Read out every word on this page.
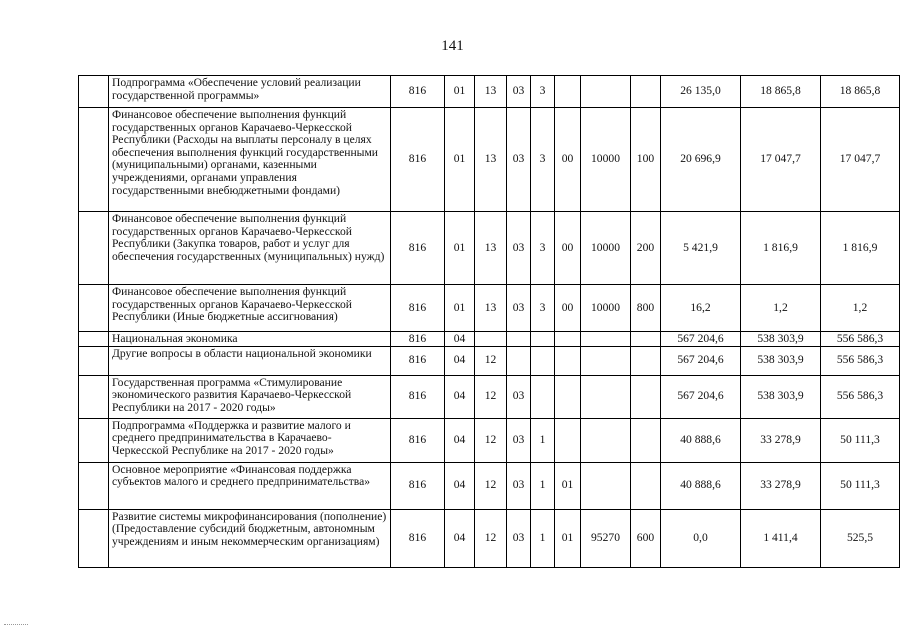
141
	Подпрограмма «Обеспечение условий реализации государственной программы»	816	01	13	03	3				26 135,0	18 865,8	18 865,8
	Финансовое обеспечение выполнения функций государственных органов Карачаево-Черкесской Республики (Расходы на выплаты персоналу в целях обеспечения выполнения функций государственными (муниципальными) органами, казенными учреждениями, органами управления государственными внебюджетными фондами)	816	01	13	03	3	00	10000	100	20 696,9	17 047,7	17 047,7
	Финансовое обеспечение выполнения функций государственных органов Карачаево-Черкесской Республики (Закупка товаров, работ и услуг для обеспечения государственных (муниципальных) нужд)	816	01	13	03	3	00	10000	200	5 421,9	1 816,9	1 816,9
	Финансовое обеспечение выполнения функций государственных органов Карачаево-Черкесской Республики (Иные бюджетные ассигнования)	816	01	13	03	3	00	10000	800	16,2	1,2	1,2
	Национальная экономика	816	04							567 204,6	538 303,9	556 586,3
	Другие вопросы в области национальной экономики	816	04	12						567 204,6	538 303,9	556 586,3
	Государственная программа «Стимулирование экономического развития Карачаево-Черкесской Республики на 2017 - 2020 годы»	816	04	12	03					567 204,6	538 303,9	556 586,3
	Подпрограмма «Поддержка и развитие малого и среднего предпринимательства в Карачаево-Черкесской Республике на 2017 - 2020 годы»	816	04	12	03	1				40 888,6	33 278,9	50 111,3
	Основное мероприятие «Финансовая поддержка субъектов малого и среднего предпринимательства»	816	04	12	03	1	01			40 888,6	33 278,9	50 111,3
	Развитие системы микрофинансирования (пополнение) (Предоставление субсидий бюджетным, автономным учреждениям и иным некоммерческим организациям)	816	04	12	03	1	01	95270	600	0,0	1 411,4	525,5
